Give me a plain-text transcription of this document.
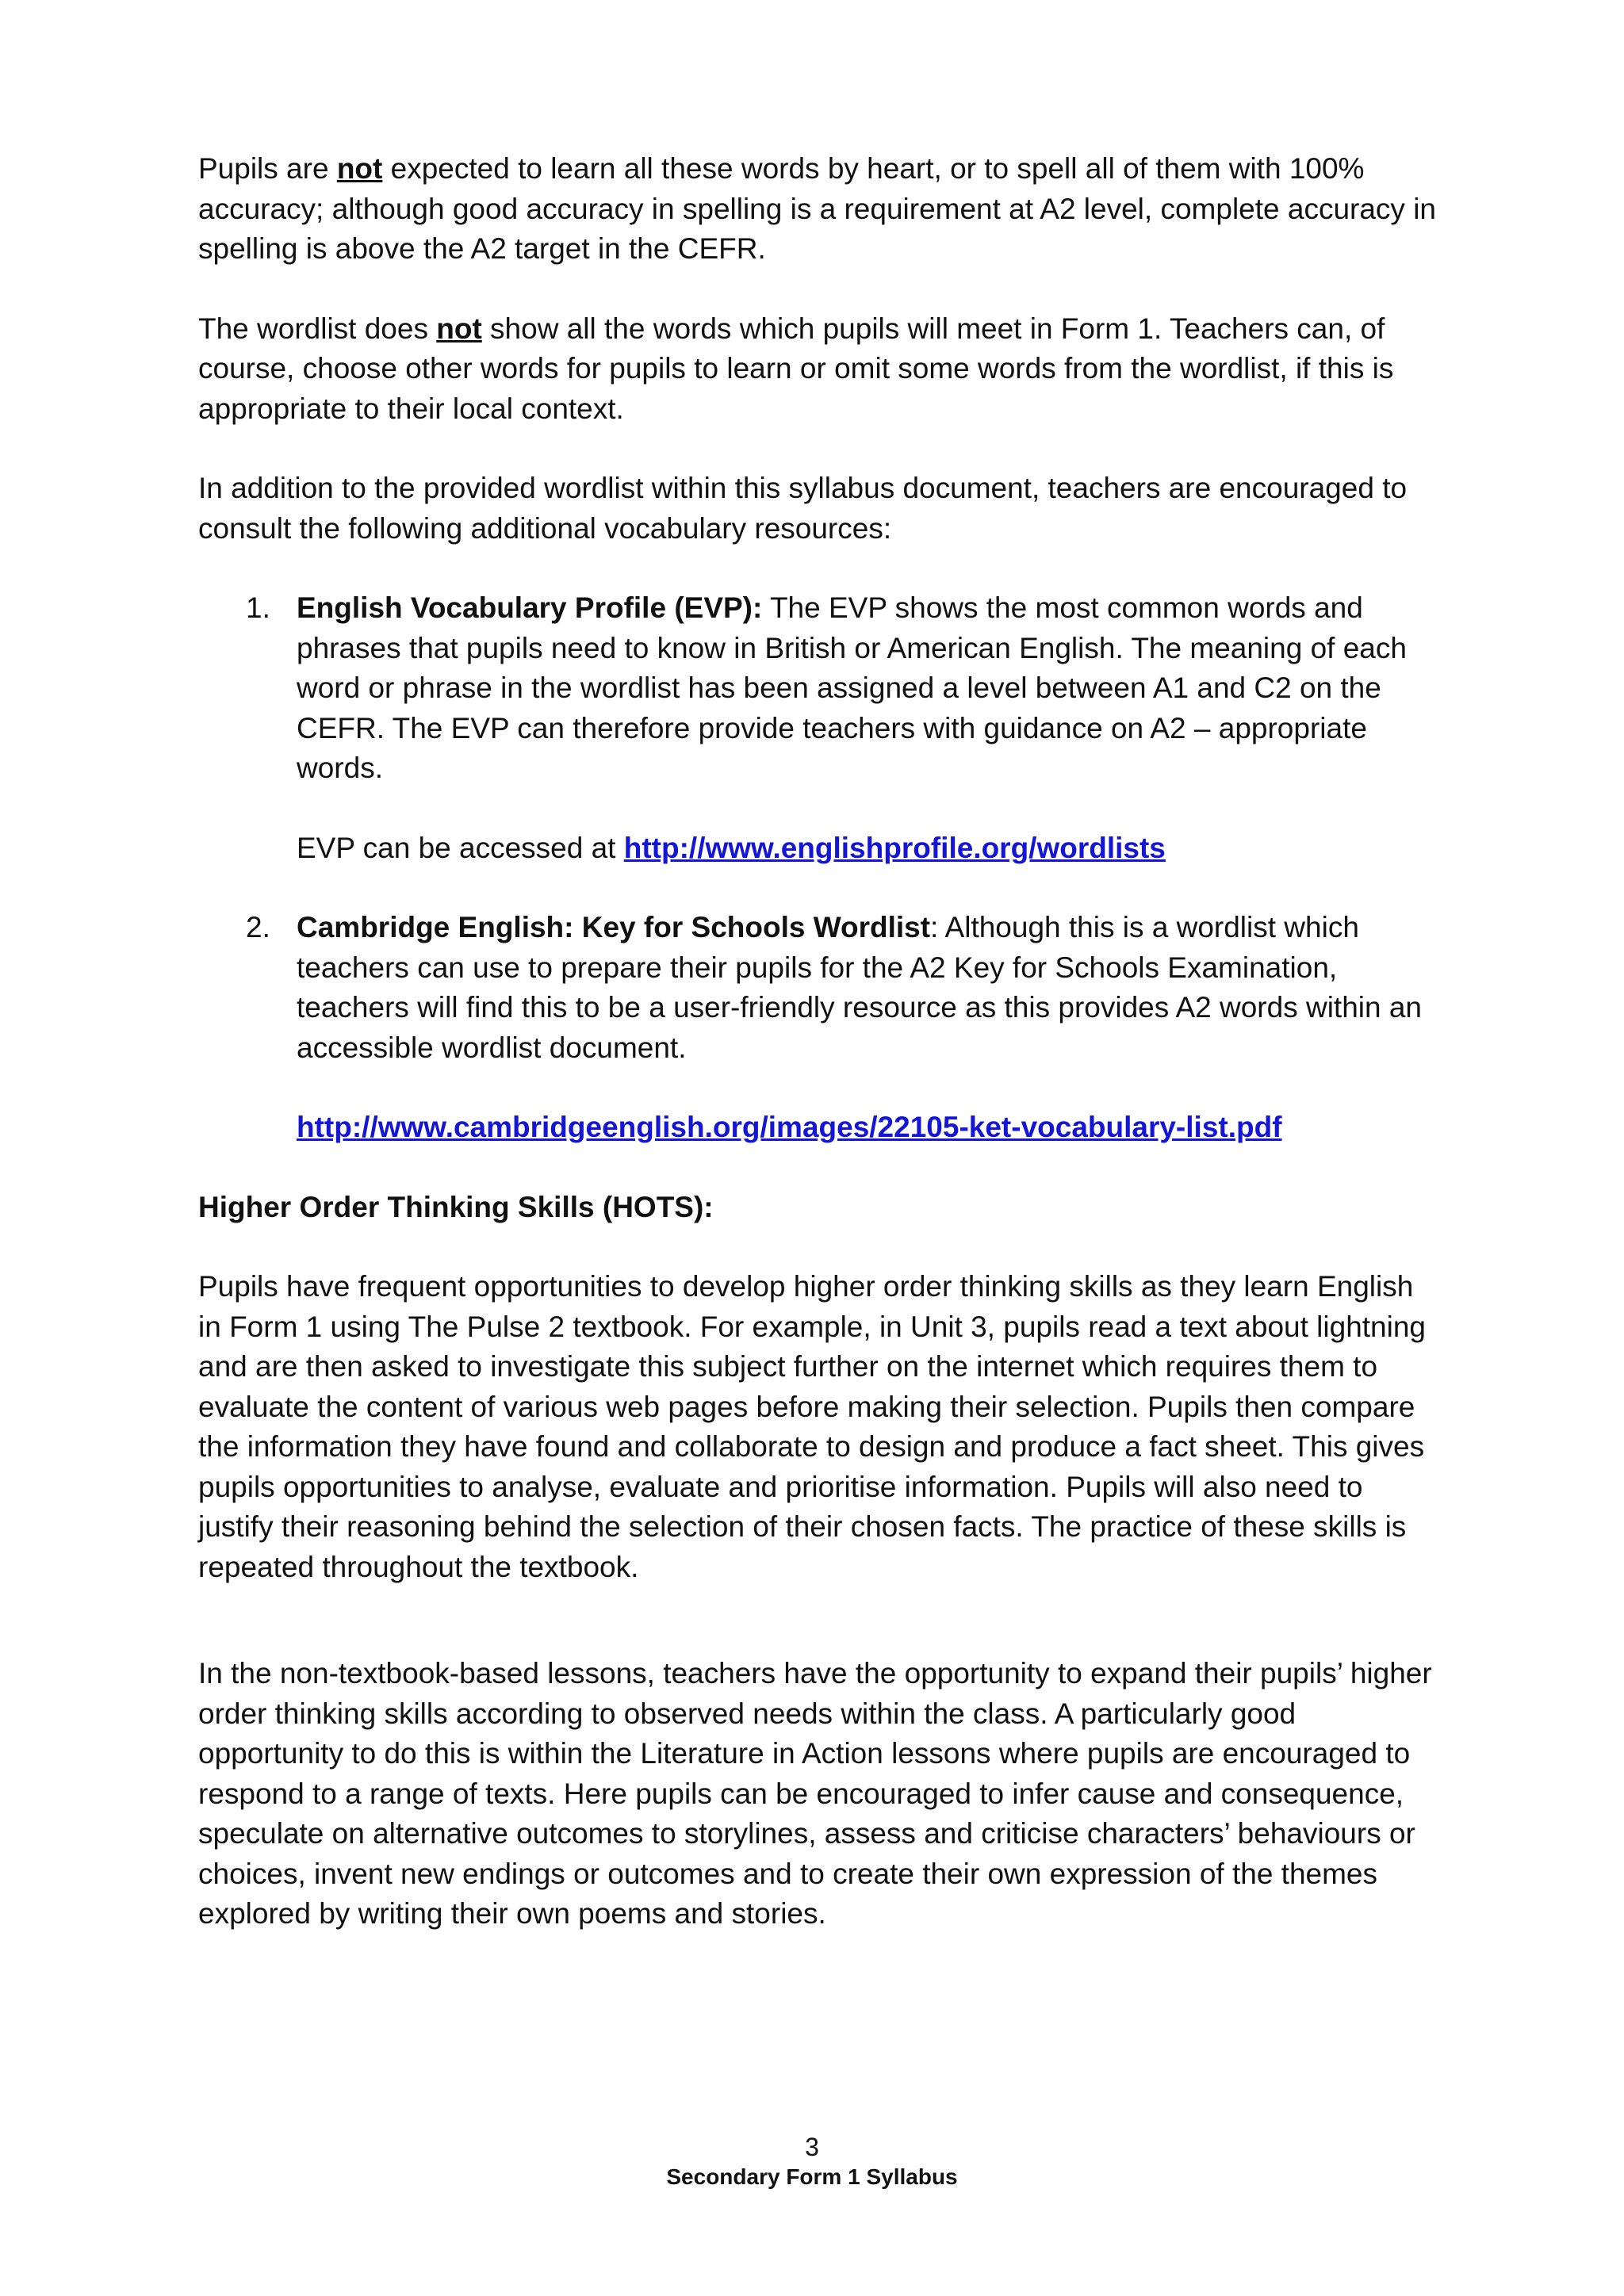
Pupils are not expected to learn all these words by heart, or to spell all of them with 100% accuracy; although good accuracy in spelling is a requirement at A2 level, complete accuracy in spelling is above the A2 target in the CEFR.

The wordlist does not show all the words which pupils will meet in Form 1. Teachers can, of course, choose other words for pupils to learn or omit some words from the wordlist, if this is appropriate to their local context.

In addition to the provided wordlist within this syllabus document, teachers are encouraged to consult the following additional vocabulary resources:

1. English Vocabulary Profile (EVP): The EVP shows the most common words and phrases that pupils need to know in British or American English. The meaning of each word or phrase in the wordlist has been assigned a level between A1 and C2 on the CEFR. The EVP can therefore provide teachers with guidance on A2 – appropriate words.

EVP can be accessed at http://www.englishprofile.org/wordlists

2. Cambridge English: Key for Schools Wordlist: Although this is a wordlist which teachers can use to prepare their pupils for the A2 Key for Schools Examination, teachers will find this to be a user-friendly resource as this provides A2 words within an accessible wordlist document.

http://www.cambridgeenglish.org/images/22105-ket-vocabulary-list.pdf

Higher Order Thinking Skills (HOTS):

Pupils have frequent opportunities to develop higher order thinking skills as they learn English in Form 1 using The Pulse 2 textbook. For example, in Unit 3, pupils read a text about lightning and are then asked to investigate this subject further on the internet which requires them to evaluate the content of various web pages before making their selection. Pupils then compare the information they have found and collaborate to design and produce a fact sheet. This gives pupils opportunities to analyse, evaluate and prioritise information. Pupils will also need to justify their reasoning behind the selection of their chosen facts. The practice of these skills is repeated throughout the textbook.

In the non-textbook-based lessons, teachers have the opportunity to expand their pupils’ higher order thinking skills according to observed needs within the class. A particularly good opportunity to do this is within the Literature in Action lessons where pupils are encouraged to respond to a range of texts. Here pupils can be encouraged to infer cause and consequence, speculate on alternative outcomes to storylines, assess and criticise characters’ behaviours or choices, invent new endings or outcomes and to create their own expression of the themes explored by writing their own poems and stories.

3
Secondary Form 1 Syllabus
